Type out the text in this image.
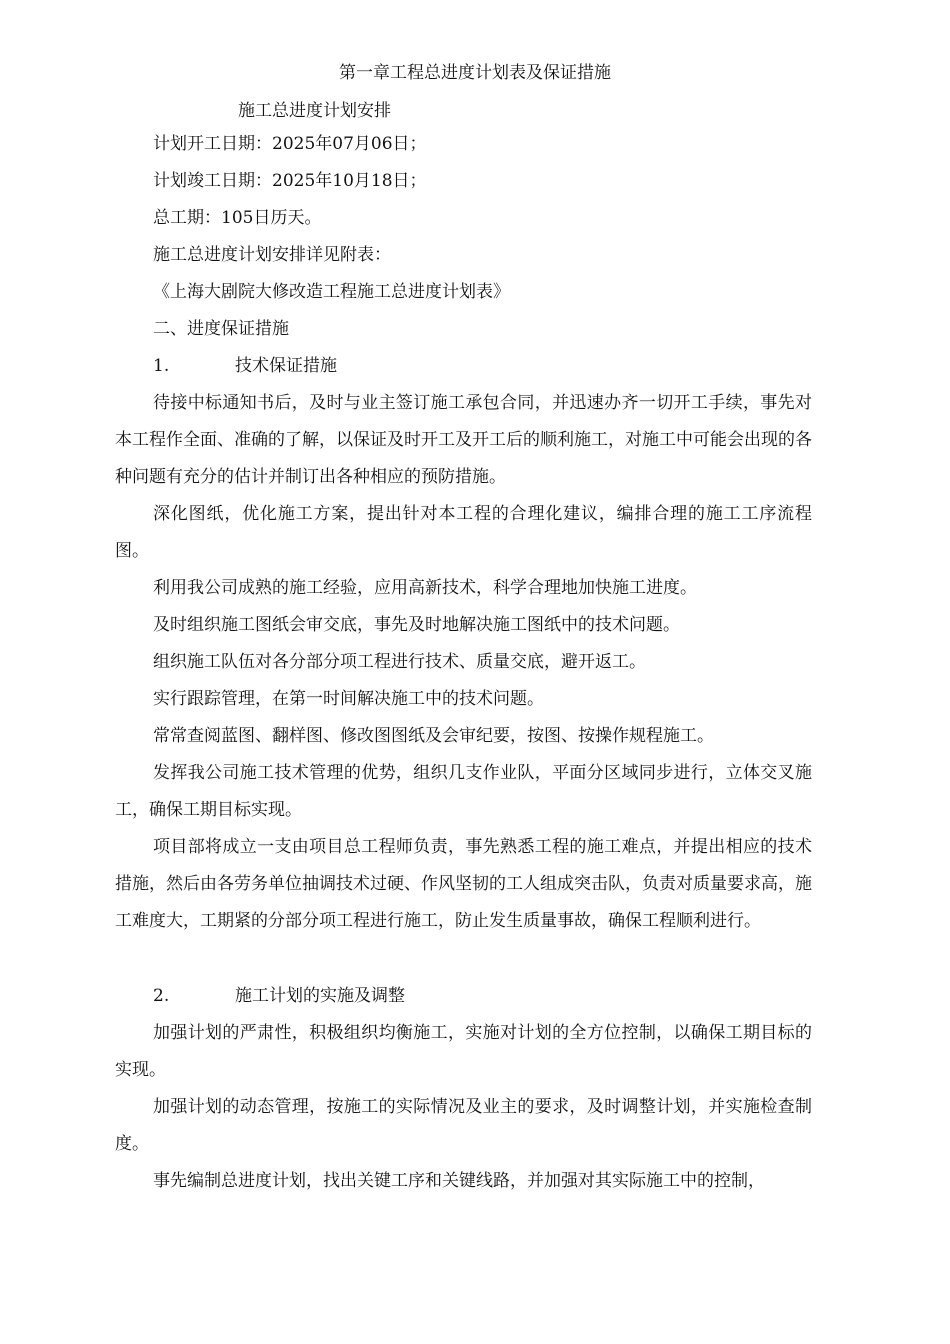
第一章工程总进度计划表及保证措施
施工总进度计划安排
计划开工日期：2025年07月06日；
计划竣工日期：2025年10月18日；
总工期：105日历天。
施工总进度计划安排详见附表：
《上海大剧院大修改造工程施工总进度计划表》
二、进度保证措施
1.	技术保证措施
待接中标通知书后，及时与业主签订施工承包合同，并迅速办齐一切开工手续，事先对本工程作全面、准确的了解，以保证及时开工及开工后的顺利施工，对施工中可能会出现的各种问题有充分的估计并制订出各种相应的预防措施。
深化图纸，优化施工方案，提出针对本工程的合理化建议，编排合理的施工工序流程图。
利用我公司成熟的施工经验，应用高新技术，科学合理地加快施工进度。
及时组织施工图纸会审交底，事先及时地解决施工图纸中的技术问题。
组织施工队伍对各分部分项工程进行技术、质量交底，避开返工。
实行跟踪管理，在第一时间解决施工中的技术问题。
常常查阅蓝图、翻样图、修改图图纸及会审纪要，按图、按操作规程施工。
发挥我公司施工技术管理的优势，组织几支作业队，平面分区域同步进行，立体交叉施工，确保工期目标实现。
项目部将成立一支由项目总工程师负责，事先熟悉工程的施工难点，并提出相应的技术措施，然后由各劳务单位抽调技术过硬、作风坚韧的工人组成突击队，负责对质量要求高，施工难度大，工期紧的分部分项工程进行施工，防止发生质量事故，确保工程顺利进行。
2.	施工计划的实施及调整
加强计划的严肃性，积极组织均衡施工，实施对计划的全方位控制，以确保工期目标的实现。
加强计划的动态管理，按施工的实际情况及业主的要求，及时调整计划，并实施检查制度。
事先编制总进度计划，找出关键工序和关键线路，并加强对其实际施工中的控制，
